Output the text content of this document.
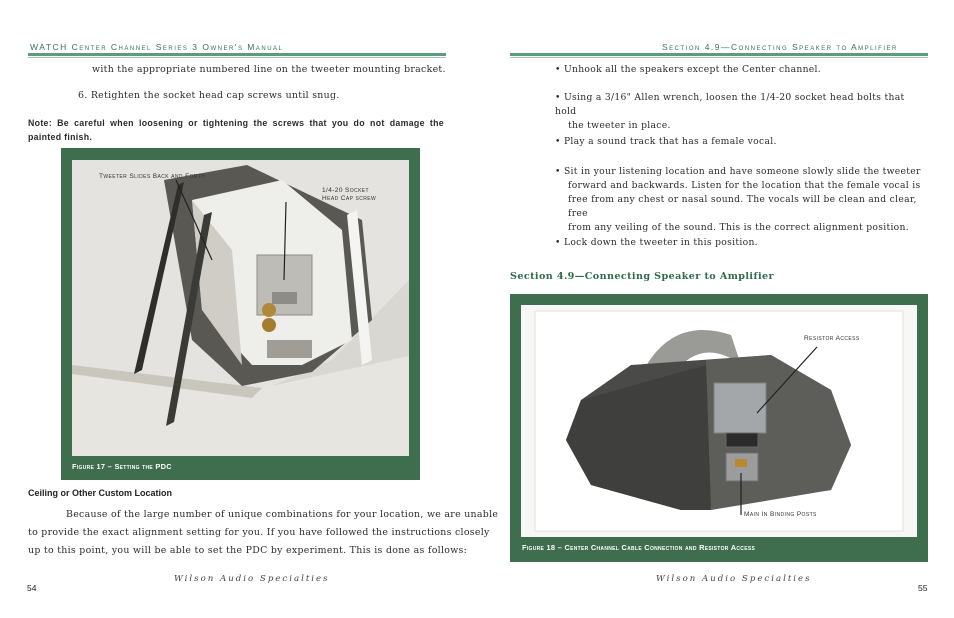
WATCH Center Channel Series 3 Owner's Manual
with the appropriate numbered line on the tweeter mounting bracket.
6. Retighten the socket head cap screws until snug.
Note: Be careful when loosening or tightening the screws that you do not damage the painted finish.
Tweeter Slides Back and Forth
1/4-20 Socket
Head Cap screw
Figure 17 – Setting the PDC
Ceiling or Other Custom Location
Because of the large number of unique combinations for your location, we are unable
to provide the exact alignment setting for you. If you have followed the instructions closely
up to this point, you will be able to set the PDC by experiment. This is done as follows:
Wilson Audio Specialties
54
Section 4.9—Connecting Speaker to Amplifier
• Unhook all the speakers except the Center channel.
• Using a 3/16" Allen wrench, loosen the 1/4-20 socket head bolts that hold
the tweeter in place.
• Play a sound track that has a female vocal.
• Sit in your listening location and have someone slowly slide the tweeter
forward and backwards. Listen for the location that the female vocal is
free from any chest or nasal sound. The vocals will be clean and clear, free
from any veiling of the sound. This is the correct alignment position.
• Lock down the tweeter in this position.
Section 4.9—Connecting Speaker to Amplifier
Resistor Access
Main In Binding Posts
Figure 18 – Center Channel Cable Connection and Resistor Access
Wilson Audio Specialties
55
